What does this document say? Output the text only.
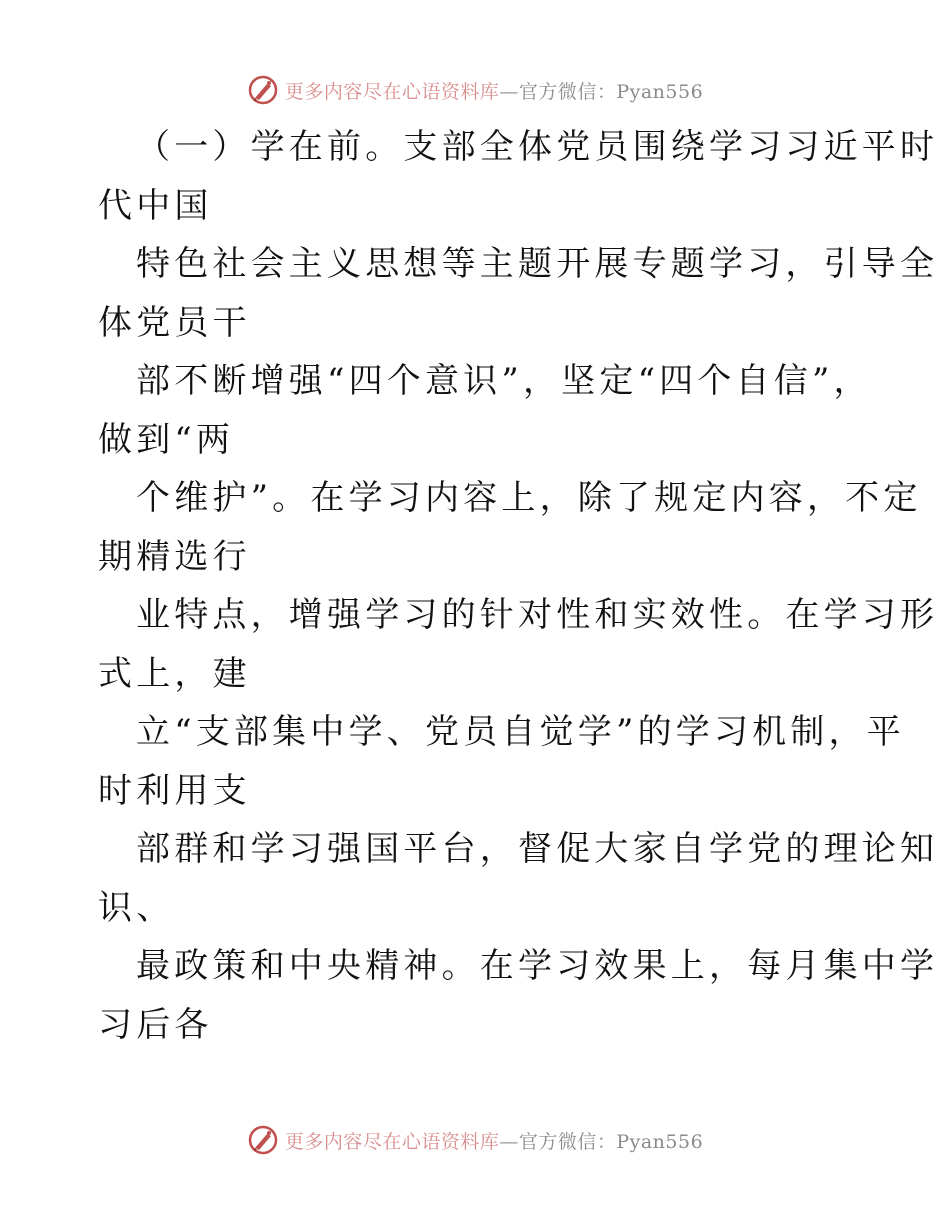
更多内容尽在心语资料库—官方微信：Pyan556

（一）学在前。支部全体党员围绕学习习近平时

代中国

特色社会主义思想等主题开展专题学习，引导全

体党员干

部不断增强“四个意识”，坚定“四个自信”，

做到“两

个维护”。在学习内容上，除了规定内容，不定

期精选行

业特点，增强学习的针对性和实效性。在学习形

式上，建

立“支部集中学、党员自觉学”的学习机制，平

时利用支

部群和学习强国平台，督促大家自学党的理论知

识、

最政策和中央精神。在学习效果上，每月集中学

习后各

更多内容尽在心语资料库—官方微信：Pyan556
